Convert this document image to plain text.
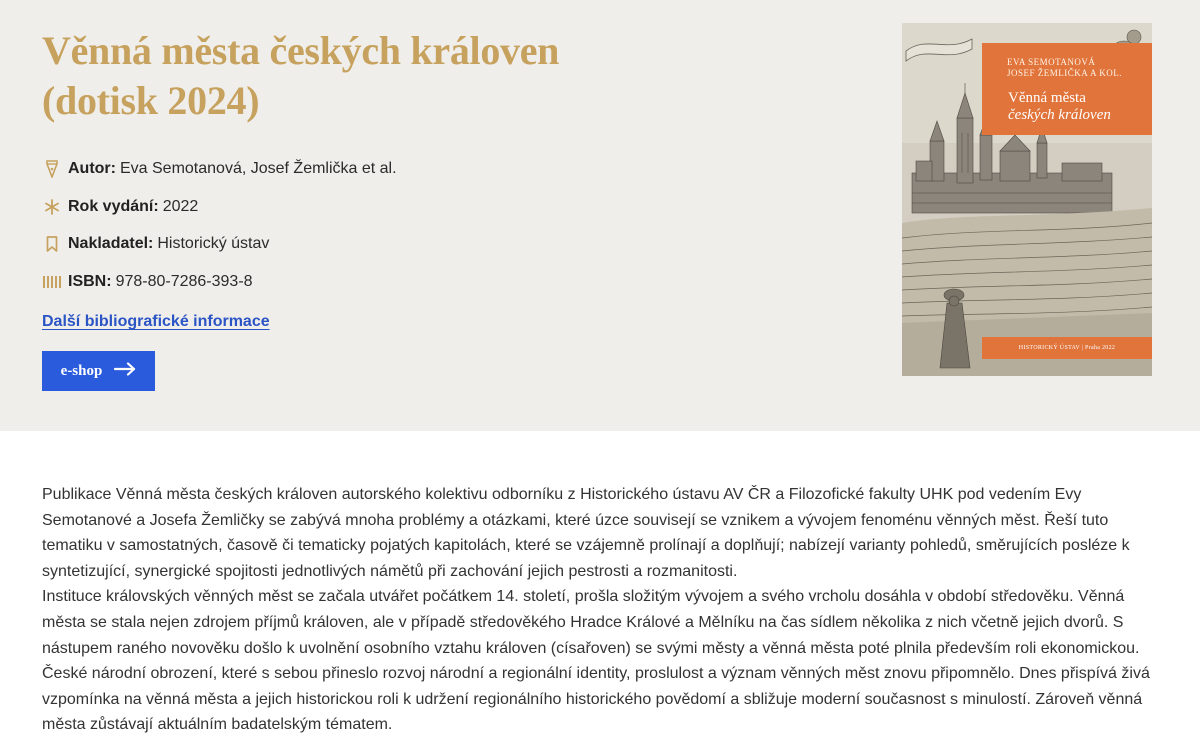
Věnná města českých královen
(dotisk 2024)
Autor: Eva Semotanová, Josef Žemlička et al.
Rok vydání: 2022
Nakladatel: Historický ústav
ISBN: 978-80-7286-393-8
Další bibliografické informace
e-shop
EVA SEMOTANOVÁ
JOSEF ŽEMLIČKA A KOL.
Věnná města
českých královen
HISTORICKÝ ÚSTAV | Praha 2022

Publikace Věnná města českých královen autorského kolektivu odborníku z Historického ústavu AV ČR a Filozofické fakulty UHK pod vedením Evy Semotanové a Josefa Žemličky se zabývá mnoha problémy a otázkami, které úzce souvisejí se vznikem a vývojem fenoménu věnných měst. Řeší tuto tematiku v samostatných, časově či tematicky pojatých kapitolách, které se vzájemně prolínají a doplňují; nabízejí varianty pohledů, směrujících posléze k syntetizující, synergické spojitosti jednotlivých námětů při zachování jejich pestrosti a rozmanitosti.

Instituce královských věnných měst se začala utvářet počátkem 14. století, prošla složitým vývojem a svého vrcholu dosáhla v období středověku. Věnná města se stala nejen zdrojem příjmů královen, ale v případě středověkého Hradce Králové a Mělníku na čas sídlem několika z nich včetně jejich dvorů. S nástupem raného novověku došlo k uvolnění osobního vztahu královen (císařoven) se svými městy a věnná města poté plnila především roli ekonomickou. České národní obrození, které s sebou přineslo rozvoj národní a regionální identity, proslulost a význam věnných měst znovu připomnělo. Dnes přispívá živá vzpomínka na věnná města a jejich historickou roli k udržení regionálního historického povědomí a sbližuje moderní současnost s minulostí. Zároveň věnná města zůstávají aktuálním badatelským tématem.
